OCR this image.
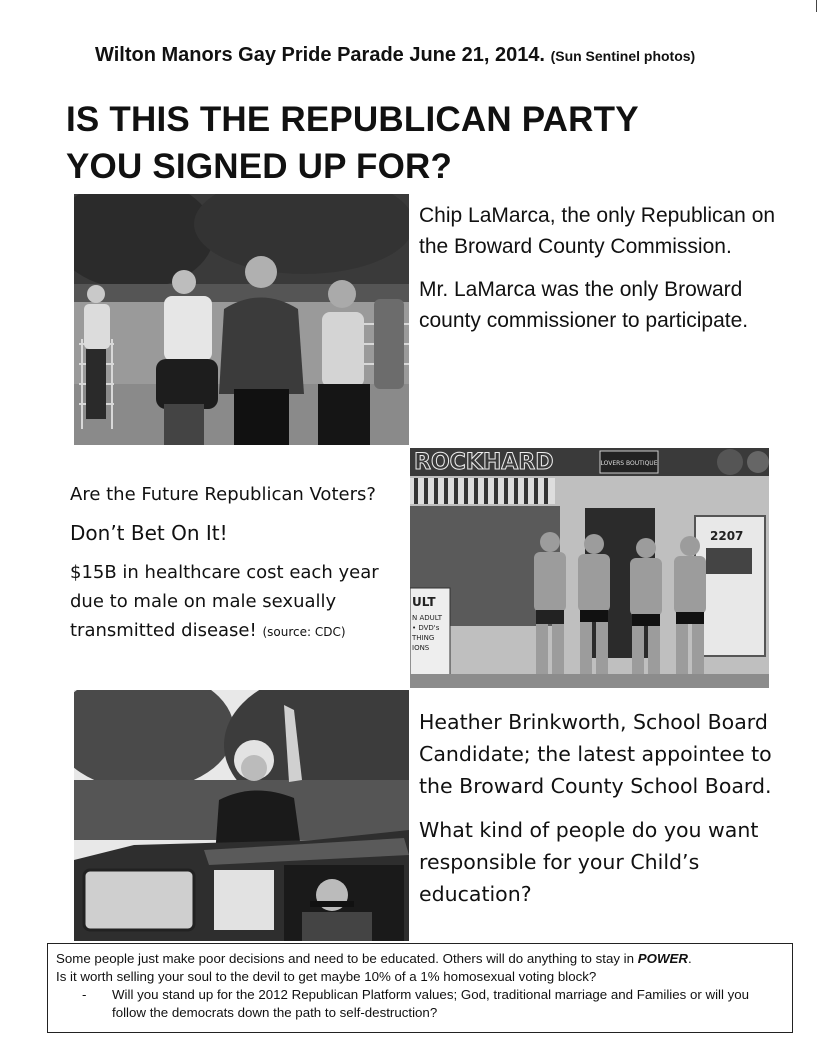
Wilton Manors Gay Pride Parade June 21, 2014. (Sun Sentinel photos)
IS THIS THE REPUBLICAN PARTY
YOU SIGNED UP FOR?

Chip LaMarca, the only Republican on the Broward County Commission.

Mr. LaMarca was the only Broward county commissioner to participate.

Are the Future Republican Voters?

Don’t Bet On It!

$15B in healthcare cost each year due to male on male sexually transmitted disease! (source: CDC)

ROCKHARD	LOVERS BOUTIQUE
2207
ULT
N ADULT
• DVD's
THING
IONS

Heather Brinkworth, School Board Candidate; the latest appointee to the Broward County School Board.

What kind of people do you want responsible for your Child’s education?

Some people just make poor decisions and need to be educated. Others will do anything to stay in POWER.
Is it worth selling your soul to the devil to get maybe 10% of a 1% homosexual voting block?
-	Will you stand up for the 2012 Republican Platform values; God, traditional marriage and Families or will you follow the democrats down the path to self-destruction?
